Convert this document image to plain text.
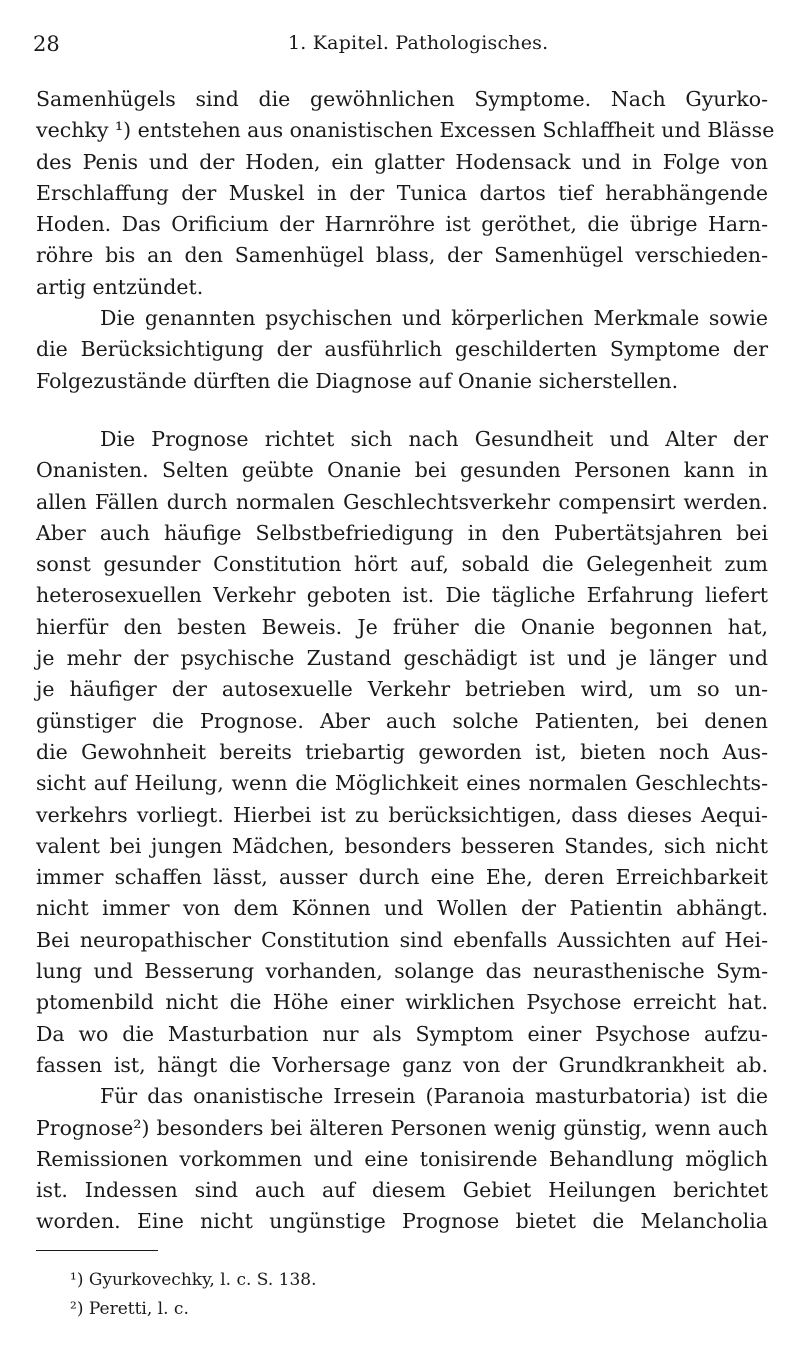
28	1. Kapitel. Pathologisches.
Samenhügels sind die gewöhnlichen Symptome. Nach Gyurko-
vechky ¹) entstehen aus onanistischen Excessen Schlaffheit und Blässe
des Penis und der Hoden, ein glatter Hodensack und in Folge von
Erschlaffung der Muskel in der Tunica dartos tief herabhängende
Hoden. Das Orificium der Harnröhre ist geröthet, die übrige Harn-
röhre bis an den Samenhügel blass, der Samenhügel verschieden-
artig entzündet.
Die genannten psychischen und körperlichen Merkmale sowie
die Berücksichtigung der ausführlich geschilderten Symptome der
Folgezustände dürften die Diagnose auf Onanie sicherstellen.
Die Prognose richtet sich nach Gesundheit und Alter der
Onanisten. Selten geübte Onanie bei gesunden Personen kann in
allen Fällen durch normalen Geschlechtsverkehr compensirt werden.
Aber auch häufige Selbstbefriedigung in den Pubertätsjahren bei
sonst gesunder Constitution hört auf, sobald die Gelegenheit zum
heterosexuellen Verkehr geboten ist. Die tägliche Erfahrung liefert
hierfür den besten Beweis. Je früher die Onanie begonnen hat,
je mehr der psychische Zustand geschädigt ist und je länger und
je häufiger der autosexuelle Verkehr betrieben wird, um so un-
günstiger die Prognose. Aber auch solche Patienten, bei denen
die Gewohnheit bereits triebartig geworden ist, bieten noch Aus-
sicht auf Heilung, wenn die Möglichkeit eines normalen Geschlechts-
verkehrs vorliegt. Hierbei ist zu berücksichtigen, dass dieses Aequi-
valent bei jungen Mädchen, besonders besseren Standes, sich nicht
immer schaffen lässt, ausser durch eine Ehe, deren Erreichbarkeit
nicht immer von dem Können und Wollen der Patientin abhängt.
Bei neuropathischer Constitution sind ebenfalls Aussichten auf Hei-
lung und Besserung vorhanden, solange das neurasthenische Sym-
ptomenbild nicht die Höhe einer wirklichen Psychose erreicht hat.
Da wo die Masturbation nur als Symptom einer Psychose aufzu-
fassen ist, hängt die Vorhersage ganz von der Grundkrankheit ab.
Für das onanistische Irresein (Paranoia masturbatoria) ist die
Prognose²) besonders bei älteren Personen wenig günstig, wenn auch
Remissionen vorkommen und eine tonisirende Behandlung möglich
ist. Indessen sind auch auf diesem Gebiet Heilungen berichtet
worden. Eine nicht ungünstige Prognose bietet die Melancholia
¹) Gyurkovechky, l. c. S. 138.
²) Peretti, l. c.
